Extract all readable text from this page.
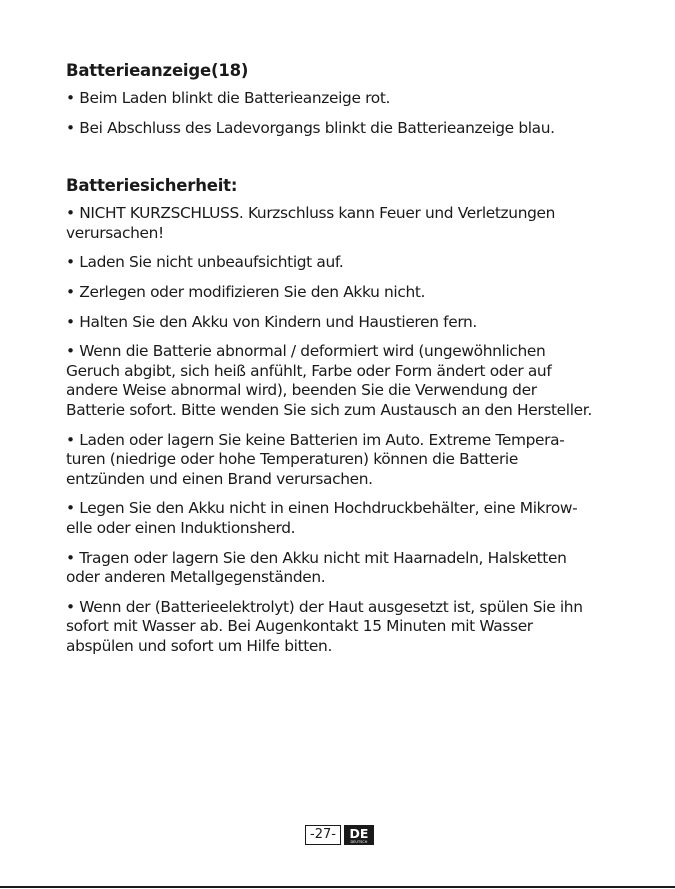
Batterieanzeige(18)
• Beim Laden blinkt die Batterieanzeige rot.
• Bei Abschluss des Ladevorgangs blinkt die Batterieanzeige blau.
Batteriesicherheit:
• NICHT KURZSCHLUSS. Kurzschluss kann Feuer und Verletzungen
verursachen!
• Laden Sie nicht unbeaufsichtigt auf.
• Zerlegen oder modifizieren Sie den Akku nicht.
• Halten Sie den Akku von Kindern und Haustieren fern.
• Wenn die Batterie abnormal / deformiert wird (ungewöhnlichen
Geruch abgibt, sich heiß anfühlt, Farbe oder Form ändert oder auf
andere Weise abnormal wird), beenden Sie die Verwendung der
Batterie sofort. Bitte wenden Sie sich zum Austausch an den Hersteller.
• Laden oder lagern Sie keine Batterien im Auto. Extreme Tempera-
turen (niedrige oder hohe Temperaturen) können die Batterie
entzünden und einen Brand verursachen.
• Legen Sie den Akku nicht in einen Hochdruckbehälter, eine Mikrow-
elle oder einen Induktionsherd.
• Tragen oder lagern Sie den Akku nicht mit Haarnadeln, Halsketten
oder anderen Metallgegenständen.
• Wenn der (Batterieelektrolyt) der Haut ausgesetzt ist, spülen Sie ihn
sofort mit Wasser ab. Bei Augenkontakt 15 Minuten mit Wasser
abspülen und sofort um Hilfe bitten.
-27-	DE
DEUTSCH
